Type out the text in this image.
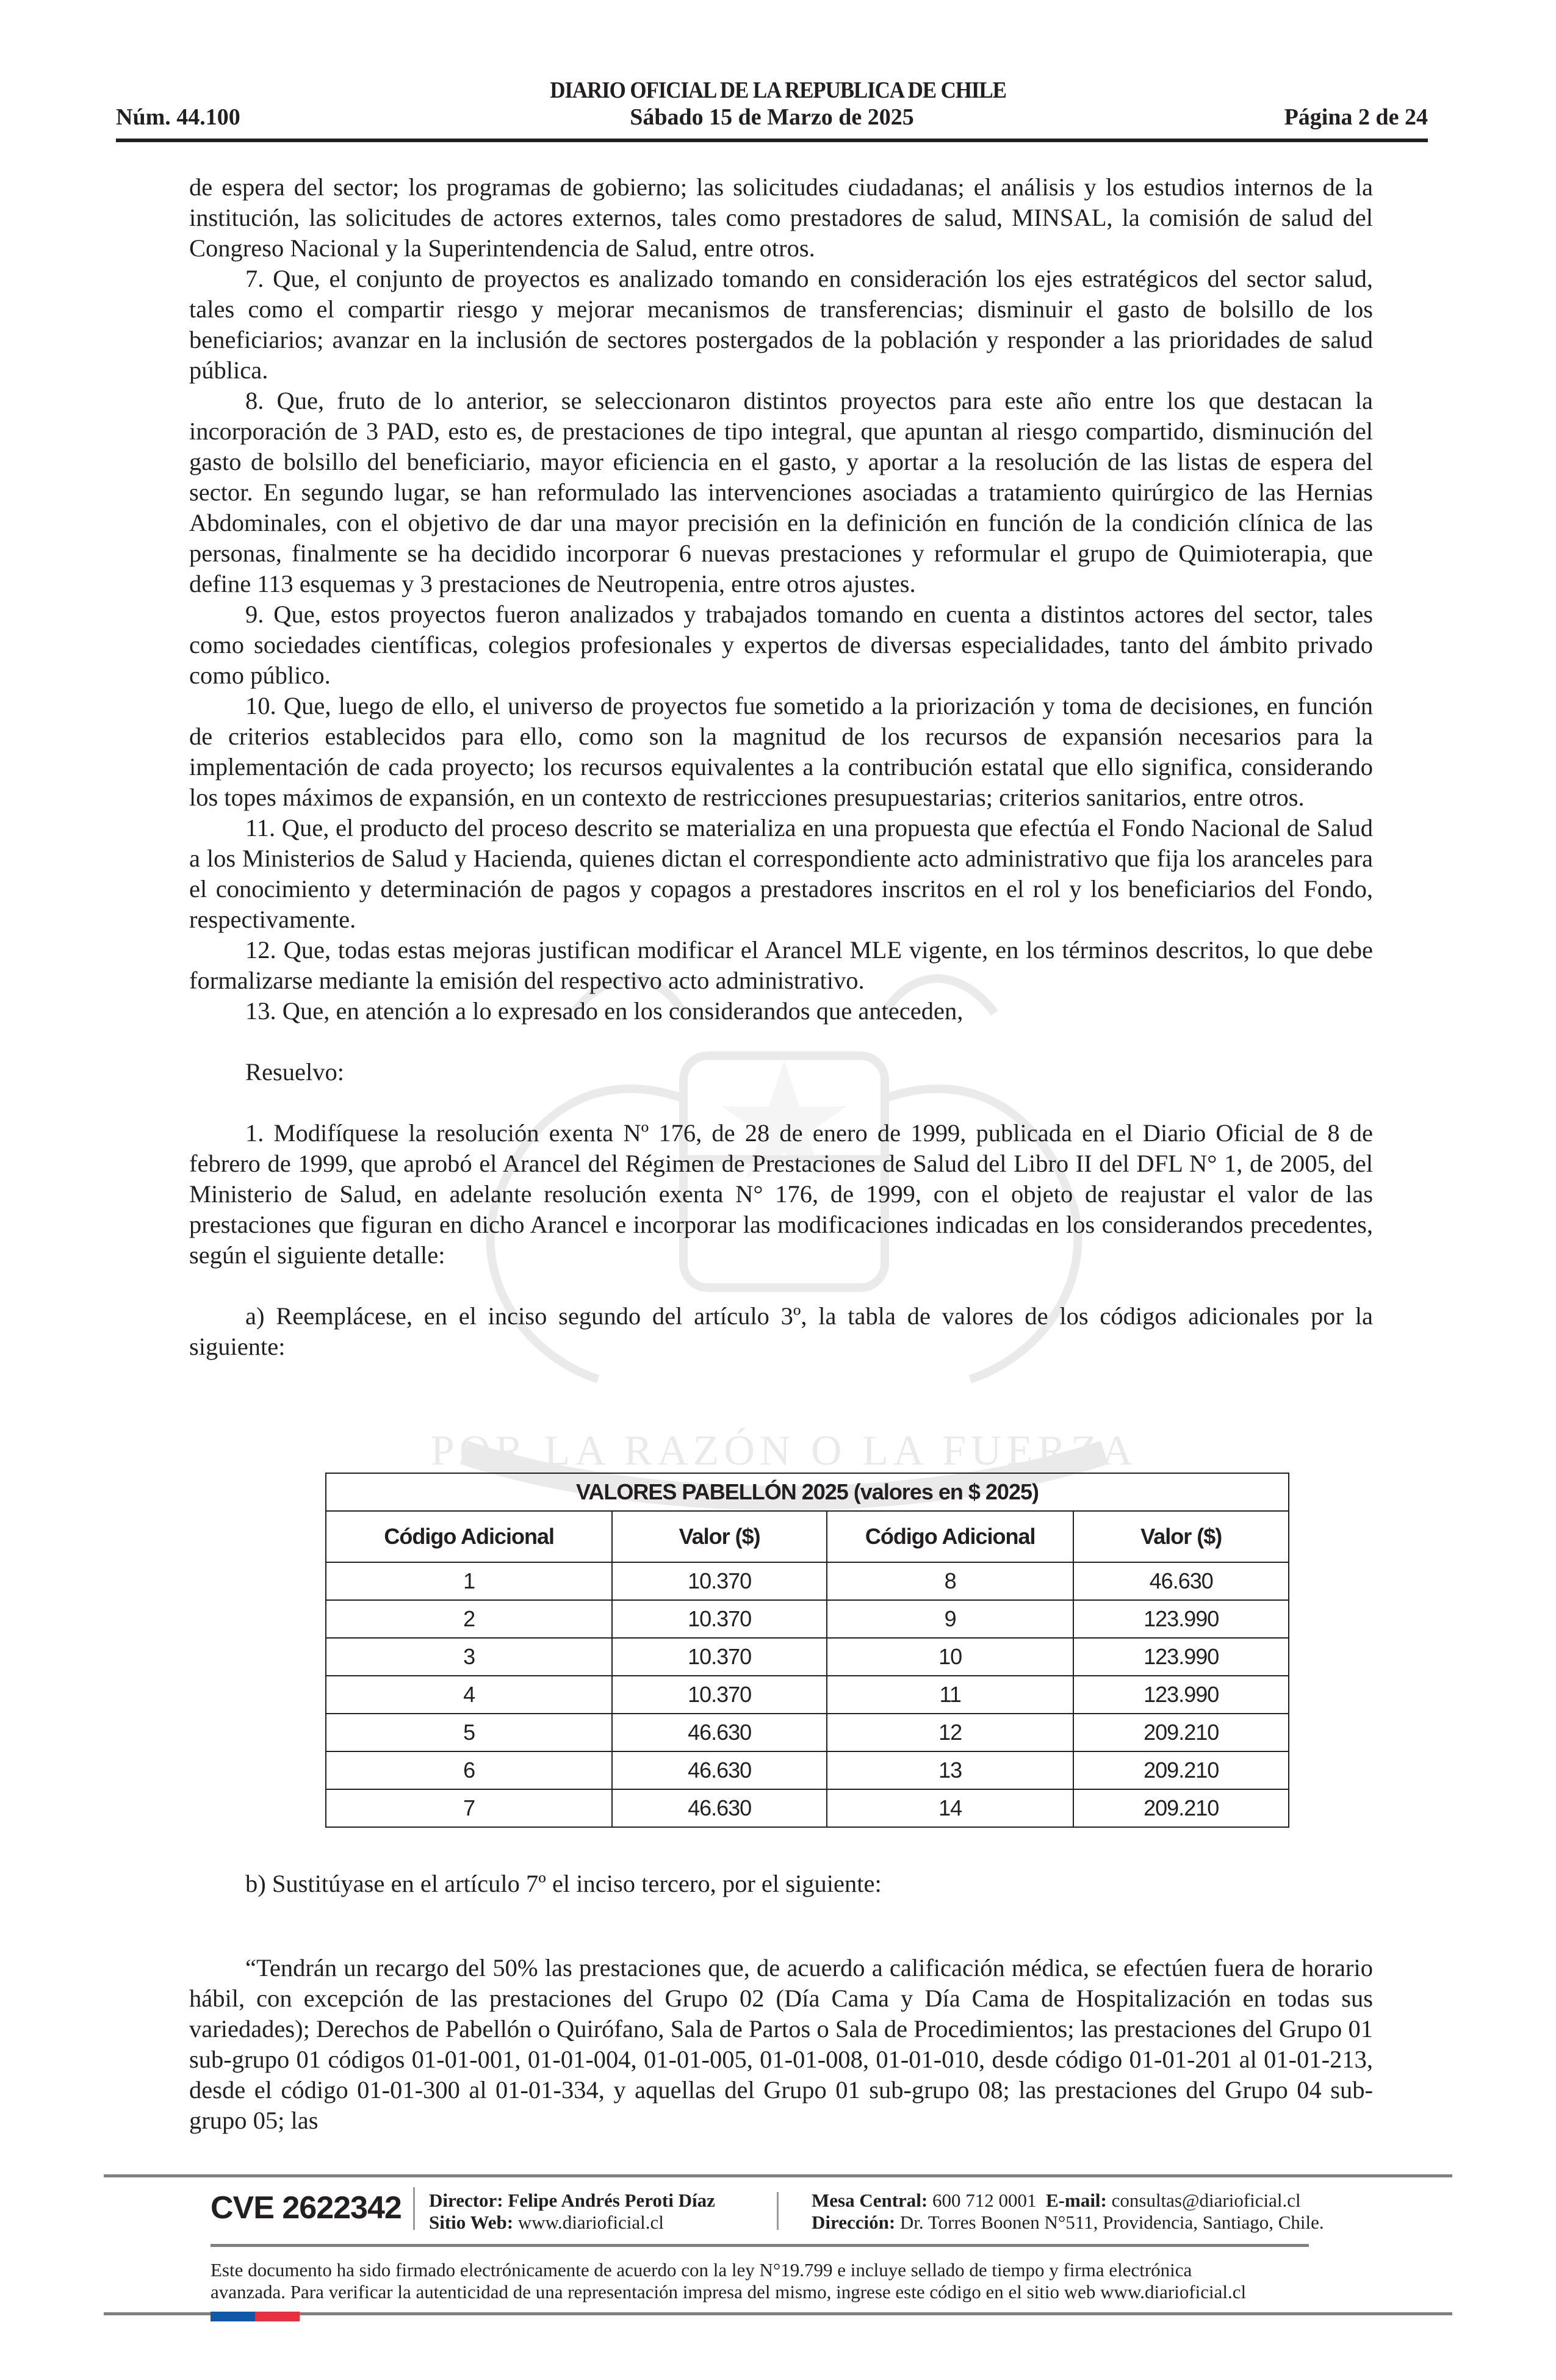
POR LA RAZÓN O LA FUERZA
DIARIO OFICIAL DE LA REPUBLICA DE CHILE
Núm. 44.100	Sábado 15 de Marzo de 2025	Página 2 de 24

de espera del sector; los programas de gobierno; las solicitudes ciudadanas; el análisis y los estudios internos de la institución, las solicitudes de actores externos, tales como prestadores de salud, MINSAL, la comisión de salud del Congreso Nacional y la Superintendencia de Salud, entre otros.

7. Que, el conjunto de proyectos es analizado tomando en consideración los ejes estratégicos del sector salud, tales como el compartir riesgo y mejorar mecanismos de transferencias; disminuir el gasto de bolsillo de los beneficiarios; avanzar en la inclusión de sectores postergados de la población y responder a las prioridades de salud pública.

8. Que, fruto de lo anterior, se seleccionaron distintos proyectos para este año entre los que destacan la incorporación de 3 PAD, esto es, de prestaciones de tipo integral, que apuntan al riesgo compartido, disminución del gasto de bolsillo del beneficiario, mayor eficiencia en el gasto, y aportar a la resolución de las listas de espera del sector. En segundo lugar, se han reformulado las intervenciones asociadas a tratamiento quirúrgico de las Hernias Abdominales, con el objetivo de dar una mayor precisión en la definición en función de la condición clínica de las personas, finalmente se ha decidido incorporar 6 nuevas prestaciones y reformular el grupo de Quimioterapia, que define 113 esquemas y 3 prestaciones de Neutropenia, entre otros ajustes.

9. Que, estos proyectos fueron analizados y trabajados tomando en cuenta a distintos actores del sector, tales como sociedades científicas, colegios profesionales y expertos de diversas especialidades, tanto del ámbito privado como público.

10. Que, luego de ello, el universo de proyectos fue sometido a la priorización y toma de decisiones, en función de criterios establecidos para ello, como son la magnitud de los recursos de expansión necesarios para la implementación de cada proyecto; los recursos equivalentes a la contribución estatal que ello significa, considerando los topes máximos de expansión, en un contexto de restricciones presupuestarias; criterios sanitarios, entre otros.

11. Que, el producto del proceso descrito se materializa en una propuesta que efectúa el Fondo Nacional de Salud a los Ministerios de Salud y Hacienda, quienes dictan el correspondiente acto administrativo que fija los aranceles para el conocimiento y determinación de pagos y copagos a prestadores inscritos en el rol y los beneficiarios del Fondo, respectivamente.

12. Que, todas estas mejoras justifican modificar el Arancel MLE vigente, en los términos descritos, lo que debe formalizarse mediante la emisión del respectivo acto administrativo.

13. Que, en atención a lo expresado en los considerandos que anteceden,

Resuelvo:

1. Modifíquese la resolución exenta Nº 176, de 28 de enero de 1999, publicada en el Diario Oficial de 8 de febrero de 1999, que aprobó el Arancel del Régimen de Prestaciones de Salud del Libro II del DFL N° 1, de 2005, del Ministerio de Salud, en adelante resolución exenta N° 176, de 1999, con el objeto de reajustar el valor de las prestaciones que figuran en dicho Arancel e incorporar las modificaciones indicadas en los considerandos precedentes, según el siguiente detalle:

a) Reemplácese, en el inciso segundo del artículo 3º, la tabla de valores de los códigos adicionales por la siguiente:

VALORES PABELLÓN 2025 (valores en $ 2025)			
Código Adicional	Valor ($)	Código Adicional	Valor ($)
1	10.370	8	46.630
2	10.370	9	123.990
3	10.370	10	123.990
4	10.370	11	123.990
5	46.630	12	209.210
6	46.630	13	209.210
7	46.630	14	209.210

b) Sustitúyase en el artículo 7º el inciso tercero, por el siguiente:

“Tendrán un recargo del 50% las prestaciones que, de acuerdo a calificación médica, se efectúen fuera de horario hábil, con excepción de las prestaciones del Grupo 02 (Día Cama y Día Cama de Hospitalización en todas sus variedades); Derechos de Pabellón o Quirófano, Sala de Partos o Sala de Procedimientos; las prestaciones del Grupo 01 sub-grupo 01 códigos 01-01-001, 01-01-004, 01-01-005, 01-01-008, 01-01-010, desde código 01-01-201 al 01-01-213, desde el código 01-01-300 al 01-01-334, y aquellas del Grupo 01 sub-grupo 08; las prestaciones del Grupo 04 sub-grupo 05; las

CVE 2622342 Director: Felipe Andrés Peroti Díaz
Sitio Web: www.diarioficial.cl
Mesa Central: 600 712 0001 E-mail: consultas@diarioficial.cl
Dirección: Dr. Torres Boonen N°511, Providencia, Santiago, Chile.
Este documento ha sido firmado electrónicamente de acuerdo con la ley N°19.799 e incluye sellado de tiempo y firma electrónica
avanzada. Para verificar la autenticidad de una representación impresa del mismo, ingrese este código en el sitio web www.diarioficial.cl
